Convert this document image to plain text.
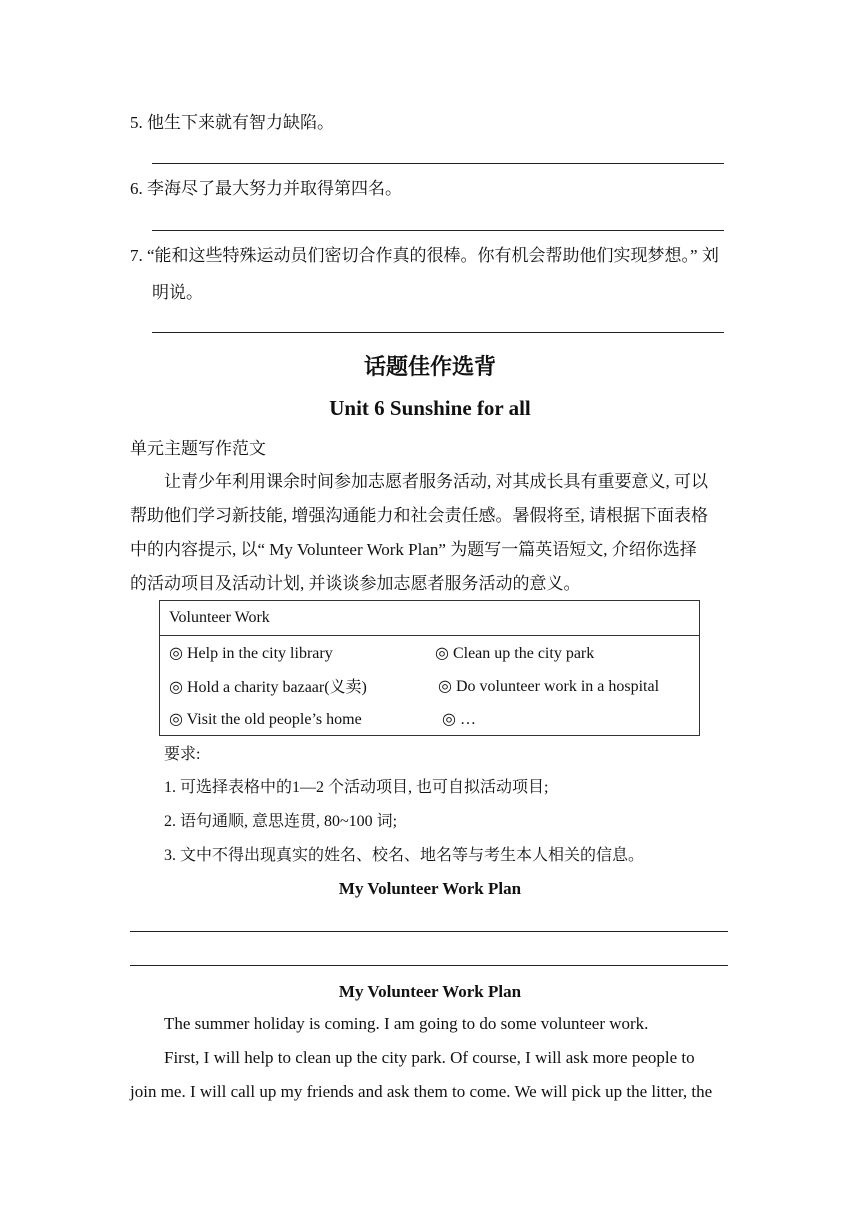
5. 他生下来就有智力缺陷。
6. 李海尽了最大努力并取得第四名。
7. “能和这些特殊运动员们密切合作真的很棒。你有机会帮助他们实现梦想。” 刘
明说。
话题佳作选背
Unit 6 Sunshine for all
单元主题写作范文

让青少年利用课余时间参加志愿者服务活动, 对其成长具有重要意义, 可以

帮助他们学习新技能, 增强沟通能力和社会责任感。暑假将至, 请根据下面表格

中的内容提示, 以“ My Volunteer Work Plan” 为题写一篇英语短文, 介绍你选择

的活动项目及活动计划, 并谈谈参加志愿者服务活动的意义。

Volunteer Work	
◎ Help in the city library	◎ Clean up the city park
◎ Hold a charity bazaar(义卖)	◎ Do volunteer work in a hospital
◎ Visit the old people’s home	◎ …
要求:
1. 可选择表格中的1—2 个活动项目, 也可自拟活动项目;
2. 语句通顺, 意思连贯, 80~100 词;
3. 文中不得出现真实的姓名、校名、地名等与考生本人相关的信息。
My Volunteer Work Plan
My Volunteer Work Plan

The summer holiday is coming. I am going to do some volunteer work.

First, I will help to clean up the city park. Of course, I will ask more people to

join me. I will call up my friends and ask them to come. We will pick up the litter, the
